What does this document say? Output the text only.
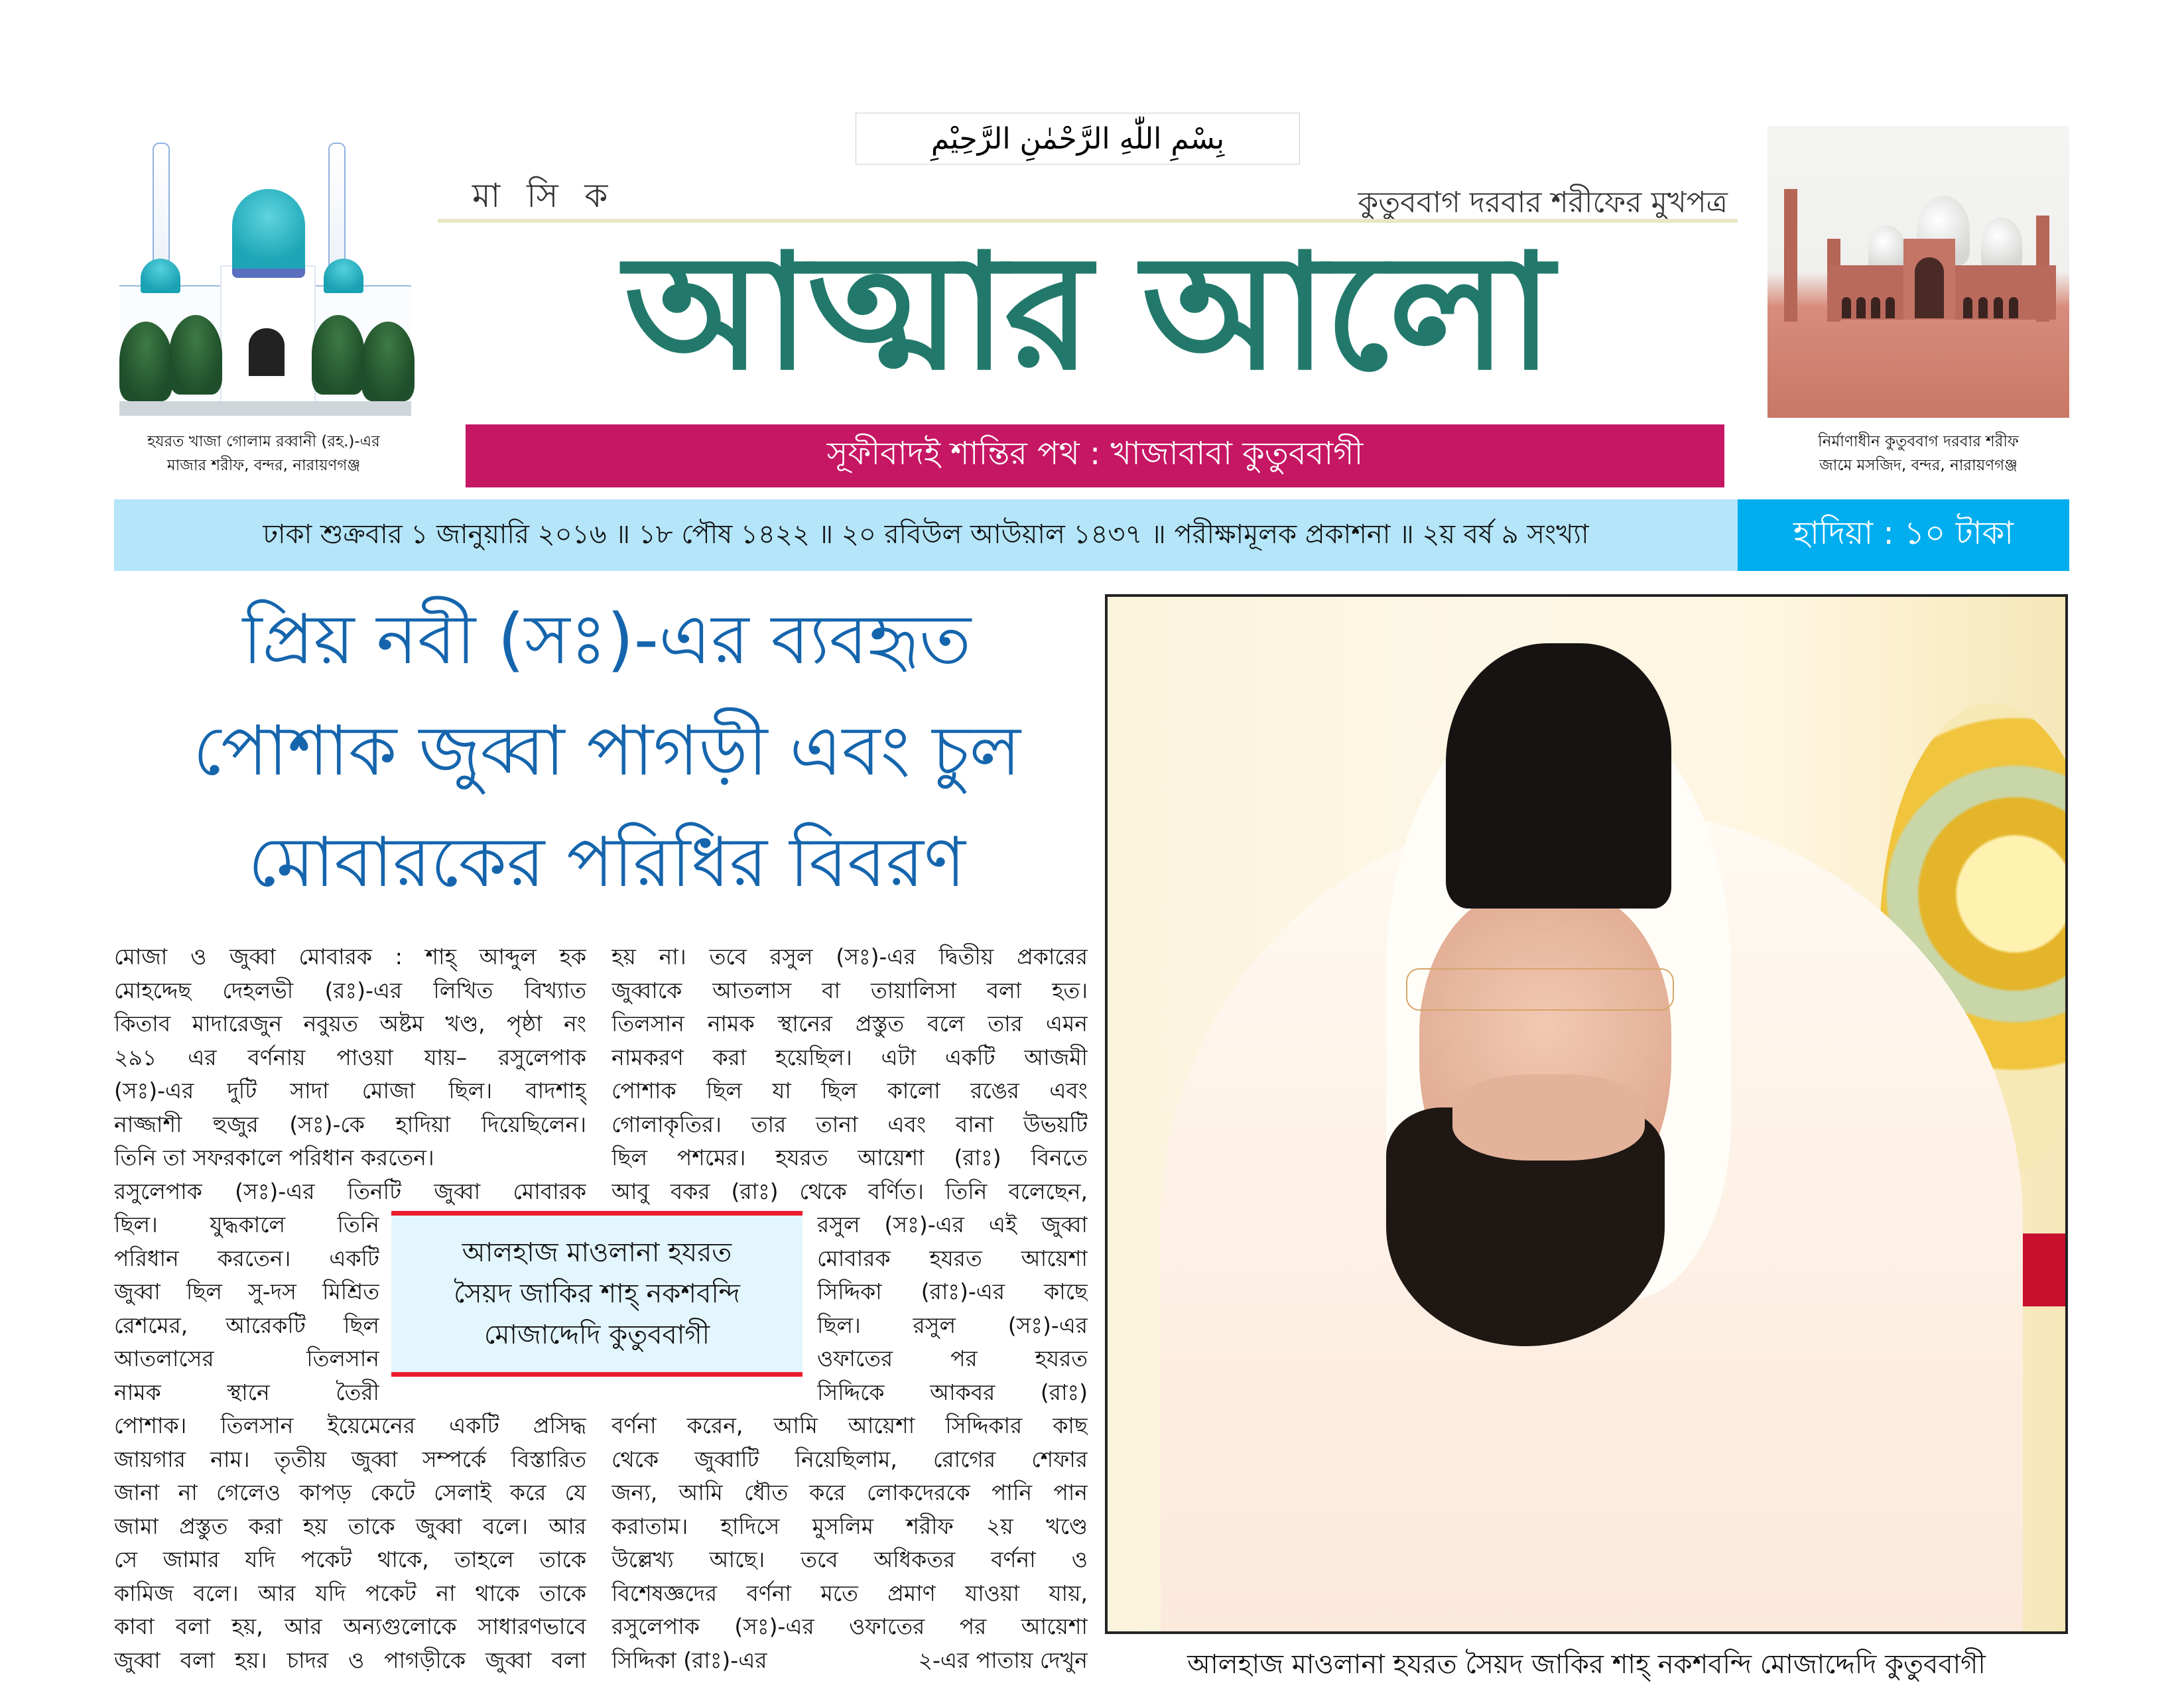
হযরত খাজা গোলাম রব্বানী (রহ.)-এর
মাজার শরীফ, বন্দর, নারায়ণগঞ্জ
নির্মাণাধীন কুতুববাগ দরবার শরীফ
জামে মসজিদ, বন্দর, নারায়ণগঞ্জ
بِسْمِ اللّٰهِ الرَّحْمٰنِ الرَّحِيْمِ
মা সি ক	কুতুববাগ দরবার শরীফের মুখপত্র
আত্মার আলো
সূফীবাদই শান্তির পথ : খাজাবাবা কুতুববাগী
ঢাকা শুক্রবার ১ জানুয়ারি ২০১৬ ॥ ১৮ পৌষ ১৪২২ ॥ ২০ রবিউল আউয়াল ১৪৩৭ ॥ পরীক্ষামূলক প্রকাশনা ॥ ২য় বর্ষ ৯ সংখ্যা	হাদিয়া : ১০ টাকা
প্রিয় নবী (সঃ)-এর ব্যবহৃত
পোশাক জুব্বা পাগড়ী এবং চুল
মোবারকের পরিধির বিবরণ
মোজা ও জুব্বা মোবারক : শাহ্ আব্দুল হক
মোহদ্দেছ দেহলভী (রঃ)-এর লিখিত বিখ্যাত
কিতাব মাদারেজুন নবুয়ত অষ্টম খণ্ড, পৃষ্ঠা নং
২৯১ এর বর্ণনায় পাওয়া যায়– রসুলেপাক
(সঃ)-এর দুটি সাদা মোজা ছিল। বাদশাহ্
নাজ্জাশী হুজুর (সঃ)-কে হাদিয়া দিয়েছিলেন।
তিনি তা সফরকালে পরিধান করতেন।
রসুলেপাক (সঃ)-এর তিনটি জুব্বা মোবারক
ছিল। যুদ্ধকালে তিনি
পরিধান করতেন। একটি
জুব্বা ছিল সু-দস মিশ্রিত
রেশমের, আরেকটি ছিল
আতলাসের তিলসান
নামক স্থানে তৈরী
পোশাক। তিলসান ইয়েমেনের একটি প্রসিদ্ধ
জায়গার নাম। তৃতীয় জুব্বা সম্পর্কে বিস্তারিত
জানা না গেলেও কাপড় কেটে সেলাই করে যে
জামা প্রস্তুত করা হয় তাকে জুব্বা বলে। আর
সে জামার যদি পকেট থাকে, তাহলে তাকে
কামিজ বলে। আর যদি পকেট না থাকে তাকে
কাবা বলা হয়, আর অন্যগুলোকে সাধারণভাবে
জুব্বা বলা হয়। চাদর ও পাগড়ীকে জুব্বা বলা
হয় না। তবে রসুল (সঃ)-এর দ্বিতীয় প্রকারের
জুব্বাকে আতলাস বা তায়ালিসা বলা হত।
তিলসান নামক স্থানের প্রস্তুত বলে তার এমন
নামকরণ করা হয়েছিল। এটা একটি আজমী
পোশাক ছিল যা ছিল কালো রঙের এবং
গোলাকৃতির। তার তানা এবং বানা উভয়টি
ছিল পশমের। হযরত আয়েশা (রাঃ) বিনতে
আবু বকর (রাঃ) থেকে বর্ণিত। তিনি বলেছেন,
রসুল (সঃ)-এর এই জুব্বা
মোবারক হযরত আয়েশা
সিদ্দিকা (রাঃ)-এর কাছে
ছিল। রসুল (সঃ)-এর
ওফাতের পর হযরত
সিদ্দিকে আকবর (রাঃ)
বর্ণনা করেন, আমি আয়েশা সিদ্দিকার কাছ
থেকে জুব্বাটি নিয়েছিলাম, রোগের শেফার
জন্য, আমি ধৌত করে লোকদেরকে পানি পান
করাতাম। হাদিসে মুসলিম শরীফ ২য় খণ্ডে
উল্লেখ্য আছে। তবে অধিকতর বর্ণনা ও
বিশেষজ্ঞদের বর্ণনা মতে প্রমাণ যাওয়া যায়,
রসুলেপাক (সঃ)-এর ওফাতের পর আয়েশা
সিদ্দিকা (রাঃ)-এর	২-এর পাতায় দেখুন
আলহাজ মাওলানা হযরত
সৈয়দ জাকির শাহ্ নকশবন্দি
মোজাদ্দেদি কুতুববাগী
আলহাজ মাওলানা হযরত সৈয়দ জাকির শাহ্ নকশবন্দি মোজাদ্দেদি কুতুববাগী
